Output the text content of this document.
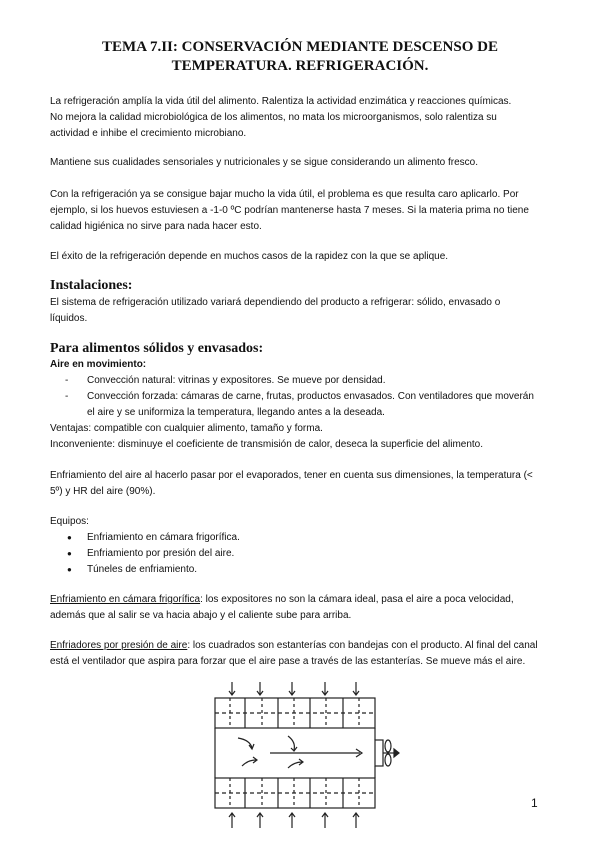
TEMA 7.II: CONSERVACIÓN MEDIANTE DESCENSO DE
TEMPERATURA. REFRIGERACIÓN.

La refrigeración amplía la vida útil del alimento. Ralentiza la actividad enzimática y reacciones químicas.
No mejora la calidad microbiológica de los alimentos, no mata los microorganismos, solo ralentiza su
actividad e inhibe el crecimiento microbiano.

Mantiene sus cualidades sensoriales y nutricionales y se sigue considerando un alimento fresco.

Con la refrigeración ya se consigue bajar mucho la vida útil, el problema es que resulta caro aplicarlo. Por
ejemplo, si los huevos estuviesen a -1-0 ºC podrían mantenerse hasta 7 meses. Si la materia prima no tiene
calidad higiénica no sirve para nada hacer esto.

El éxito de la refrigeración depende en muchos casos de la rapidez con la que se aplique.

Instalaciones:

El sistema de refrigeración utilizado variará dependiendo del producto a refrigerar: sólido, envasado o
líquidos.

Para alimentos sólidos y envasados:

Aire en movimiento:

-	Convección natural: vitrinas y expositores. Se mueve por densidad.
-	Convección forzada: cámaras de carne, frutas, productos envasados. Con ventiladores que moverán
el aire y se uniformiza la temperatura, llegando antes a la deseada.

Ventajas: compatible con cualquier alimento, tamaño y forma.

Inconveniente: disminuye el coeficiente de transmisión de calor, deseca la superficie del alimento.

Enfriamiento del aire al hacerlo pasar por el evaporados, tener en cuenta sus dimensiones, la temperatura (<
5º) y HR del aire (90%).

Equipos:

● Enfriamiento en cámara frigorífica.
● Enfriamiento por presión del aire.
● Túneles de enfriamiento.

Enfriamiento en cámara frigorífica: los expositores no son la cámara ideal, pasa el aire a poca velocidad,
además que al salir se va hacia abajo y el caliente sube para arriba.

Enfriadores por presión de aire: los cuadrados son estanterías con bandejas con el producto. Al final del canal
está el ventilador que aspira para forzar que el aire pase a través de las estanterías. Se mueve más el aire.

1
